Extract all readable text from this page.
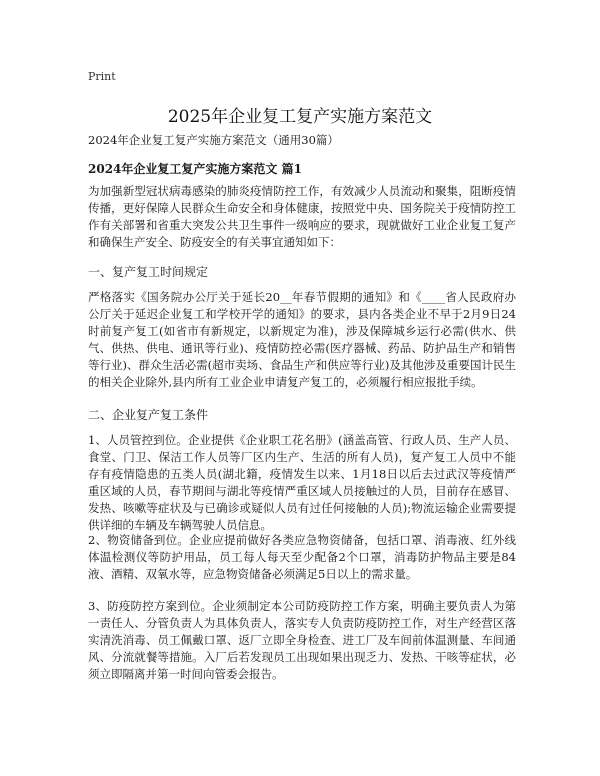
Print
2025年企业复工复产实施方案范文
2024年企业复工复产实施方案范文（通用30篇）
2024年企业复工复产实施方案范文 篇1

为加强新型冠状病毒感染的肺炎疫情防控工作，有效减少人员流动和聚集，阻断疫情传播，更好保障人民群众生命安全和身体健康，按照党中央、国务院关于疫情防控工作有关部署和省重大突发公共卫生事件一级响应的要求，现就做好工业企业复工复产和确保生产安全、防疫安全的有关事宜通知如下：

一、复产复工时间规定

严格落实《国务院办公厅关于延长20__年春节假期的通知》和《____省人民政府办公厅关于延迟企业复工和学校开学的通知》的要求，县内各类企业不早于2月9日24时前复产复工(如省市有新规定，以新规定为准)，涉及保障城乡运行必需(供水、供气、供热、供电、通讯等行业)、疫情防控必需(医疗器械、药品、防护品生产和销售等行业)、群众生活必需(超市卖场、食品生产和供应等行业)及其他涉及重要国计民生的相关企业除外,县内所有工业企业申请复产复工的，必须履行相应报批手续。

二、企业复产复工条件

1、人员管控到位。企业提供《企业职工花名册》(涵盖高管、行政人员、生产人员、食堂、门卫、保洁工作人员等厂区内生产、生活的所有人员)，复产复工人员中不能存有疫情隐患的五类人员(湖北籍，疫情发生以来、1月18日以后去过武汉等疫情严重区域的人员，春节期间与湖北等疫情严重区域人员接触过的人员，目前存在感冒、发热、咳嗽等症状及与已确诊或疑似人员有过任何接触的人员);物流运输企业需要提供详细的车辆及车辆驾驶人员信息。

2、物资储备到位。企业应提前做好各类应急物资储备，包括口罩、消毒液、红外线体温检测仪等防护用品，员工每人每天至少配备2个口罩，消毒防护物品主要是84液、酒精、双氧水等，应急物资储备必须满足5日以上的需求量。

3、防疫防控方案到位。企业须制定本公司防疫防控工作方案，明确主要负责人为第一责任人、分管负责人为具体负责人，落实专人负责防疫防控工作，对生产经营区落实清洗消毒、员工佩戴口罩、返厂立即全身检查、进工厂及车间前体温测量、车间通风、分流就餐等措施。入厂后若发现员工出现如果出现乏力、发热、干咳等症状，必须立即隔离并第一时间向管委会报告。
